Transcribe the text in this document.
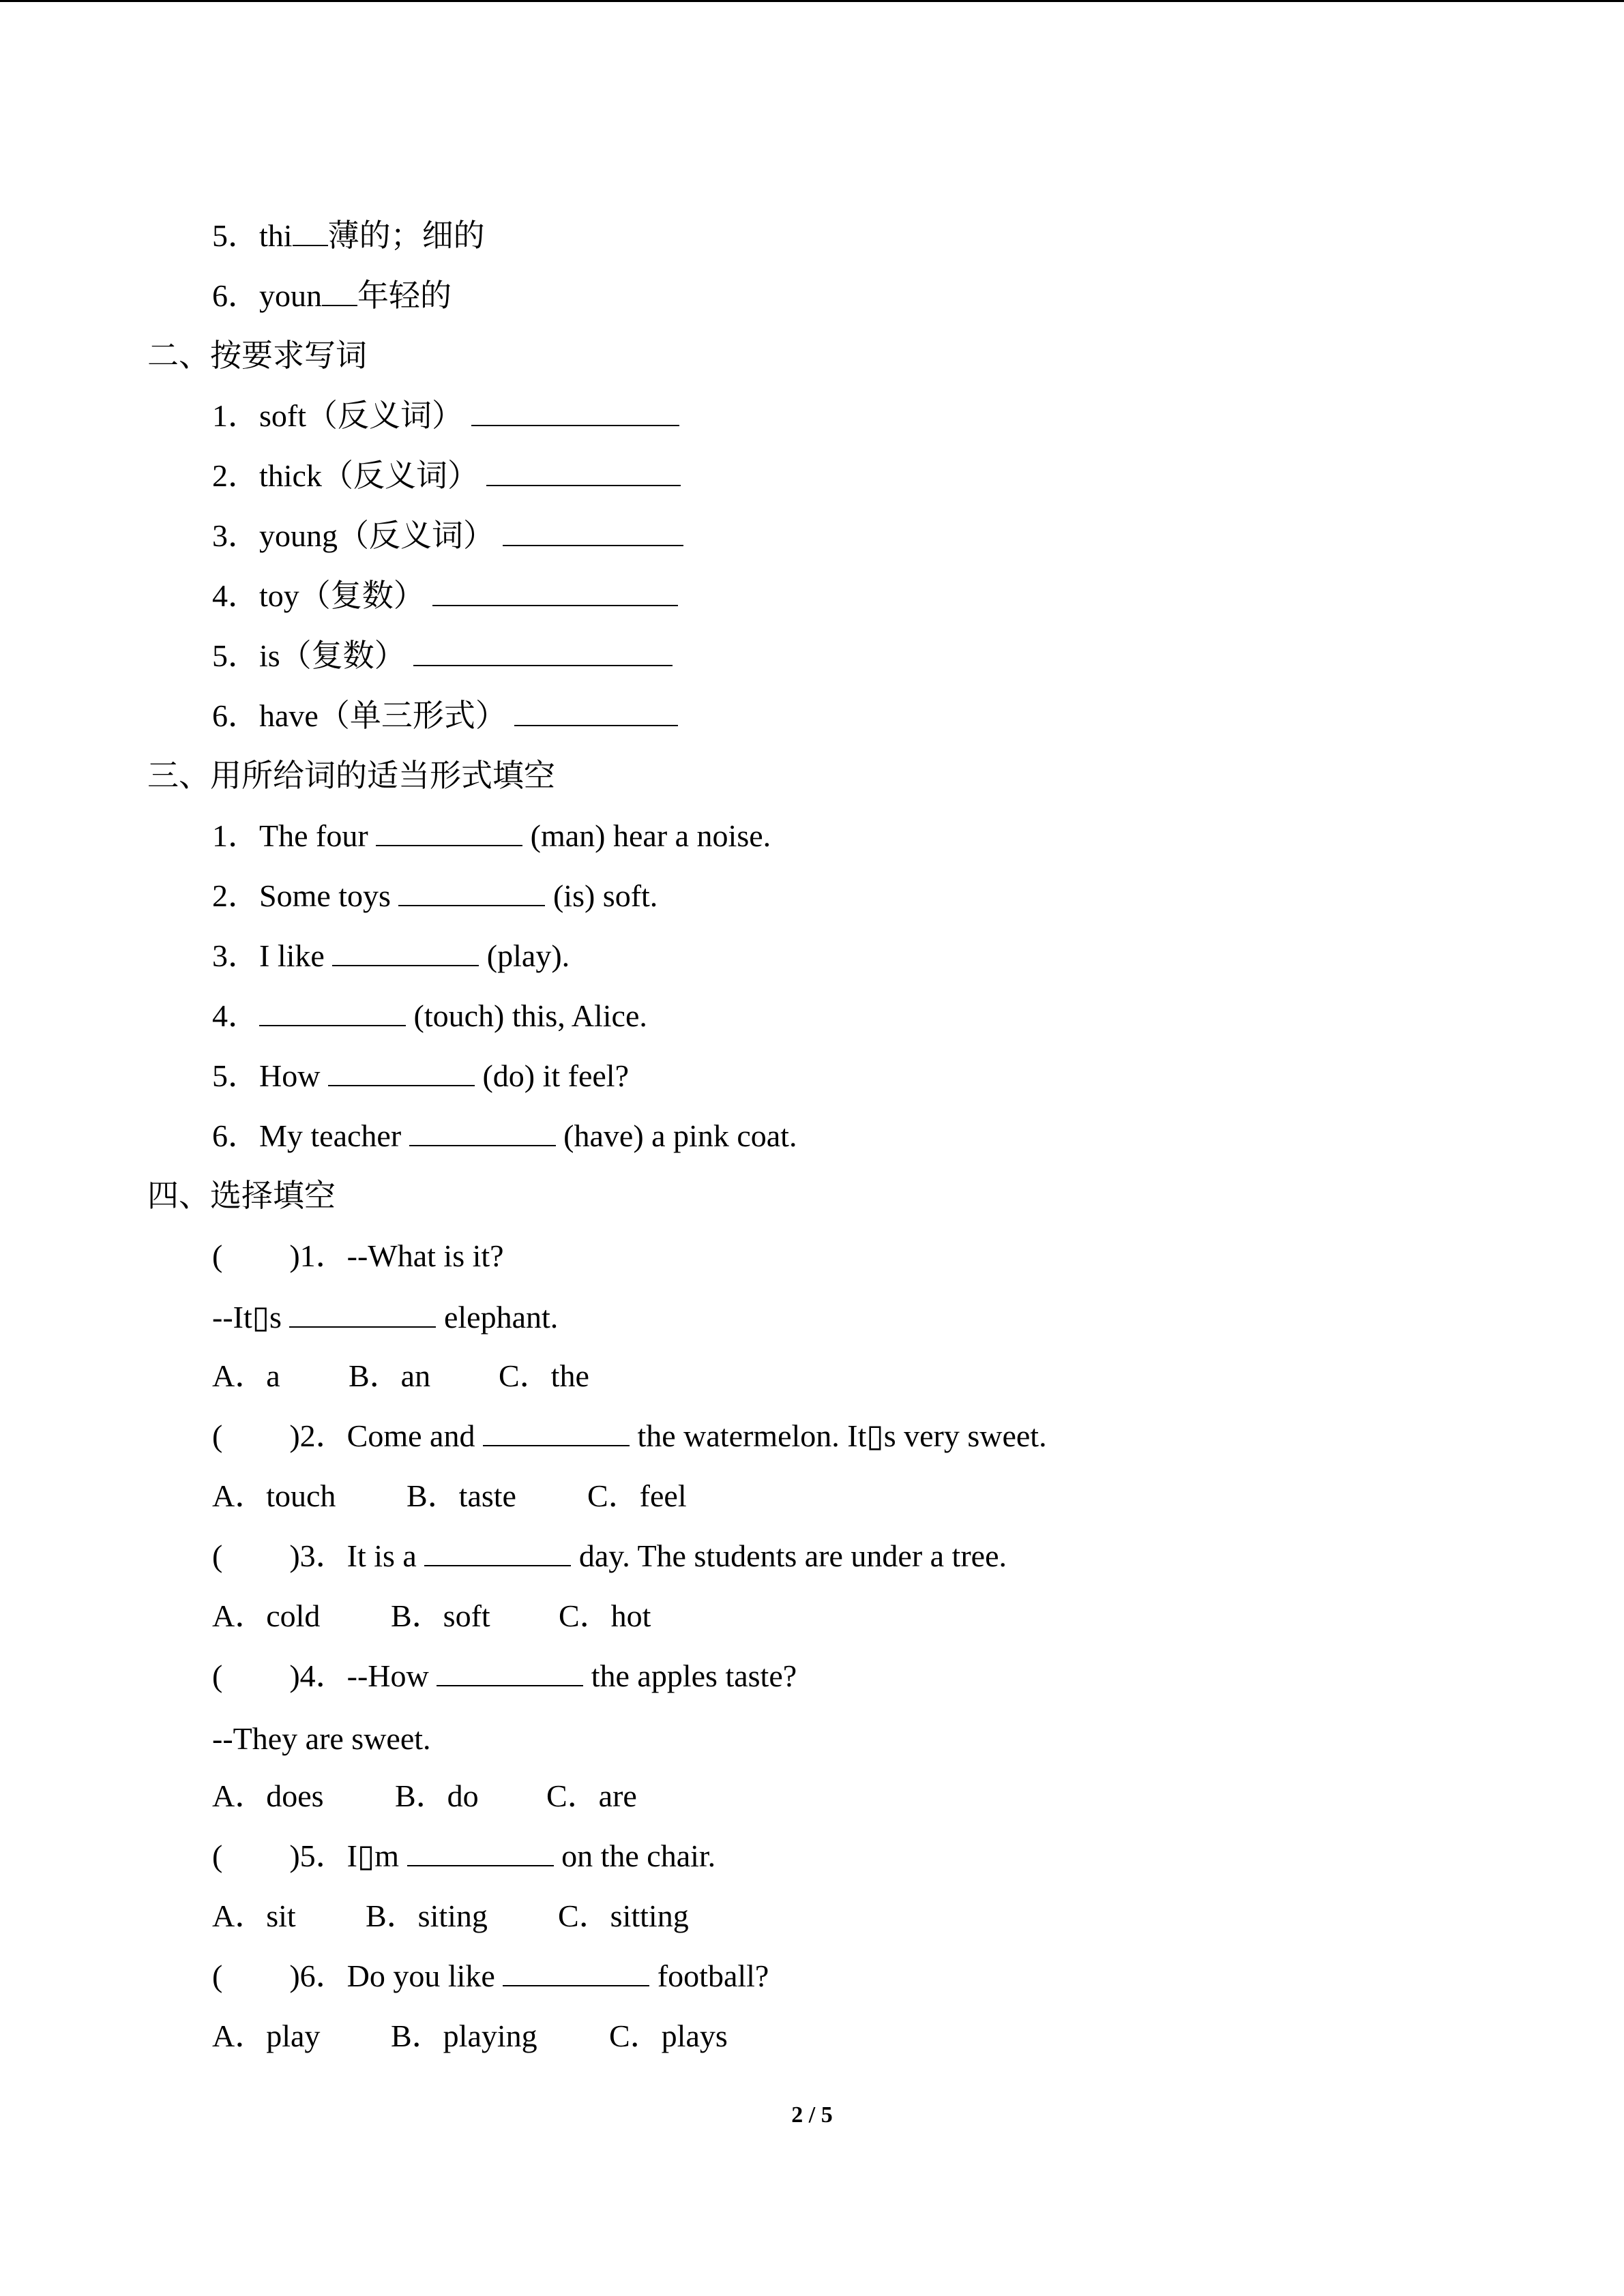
5．thi 薄的；细的
6．youn 年轻的
二、按要求写词
1．soft（反义词）
2．thick（反义词）
3．young（反义词）
4．toy（复数）
5．is（复数）
6．have（单三形式）
三、用所给词的适当形式填空
1．The four	(man) hear a noise.
2．Some toys	(is) soft.
3．I like	(play).
4．	(touch) this, Alice.
5．How	(do) it feel?
6．My teacher	(have) a pink coat.
四、选择填空
( )1．--What is it?
--It▯s	elephant.
A．a B．an C．the
( )2．Come and	the watermelon. It▯s very sweet.
A．touch B．taste C．feel
( )3．It is a	day. The students are under a tree.
A．cold B．soft C．hot
( )4．--How	the apples taste?
--They are sweet.
A．does B．do C．are
( )5．I▯m	on the chair.
A．sit B．siting C．sitting
( )6．Do you like	football?
A．play B．playing C．plays
2 / 5
